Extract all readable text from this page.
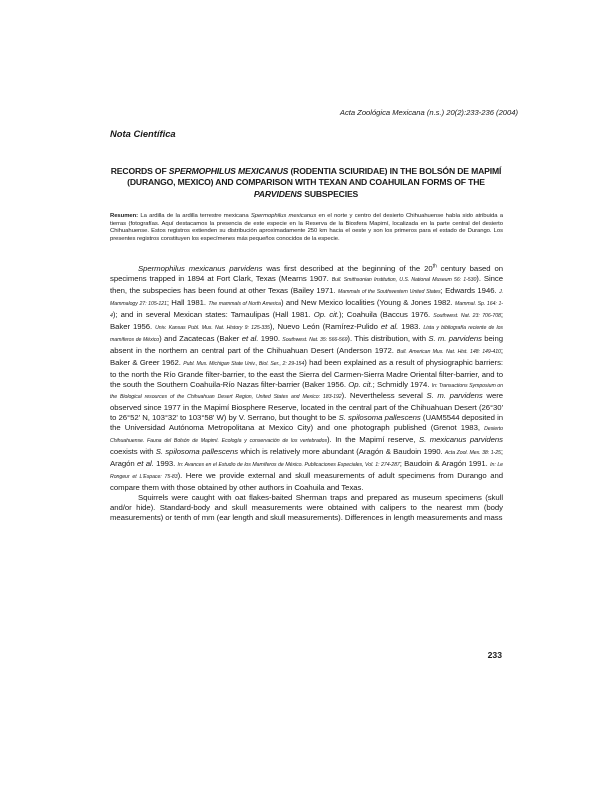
Acta Zoológica Mexicana (n.s.) 20(2):233-236 (2004)
Nota Científica
RECORDS OF SPERMOPHILUS MEXICANUS (RODENTIA SCIURIDAE) IN THE BOLSÓN DE MAPIMÍ (DURANGO, MEXICO) AND COMPARISON WITH TEXAN AND COAHUILAN FORMS OF THE PARVIDENS SUBSPECIES
Resumen: La ardilla de la ardilla terrestre mexicana Spermophilus mexicanus en el norte y centro del desierto Chihuahuense había sido atribuida a tierras (fotografías. Aquí destacamos la presencia de este especie en la Reserva de la Biosfera Mapimí, localizada en la parte central del desierto Chihuahuense. Estos registros extienden su distribución aproximadamente 250 km hacia el oeste y son los primeros para el estado de Durango. Los presentes registros constituyen los especímenes más pequeños conocidos de la especie.

Spermophilus mexicanus parvidens was first described at the beginning of the 20th century based on specimens trapped in 1894 at Fort Clark, Texas (Mearns 1907. Bull. Smithsonian Institution, U.S. National Museum 56: 1-530). Since then, the subspecies has been found at other Texas (Bailey 1971. Mammals of the Southwestern United States; Edwards 1946. J. Mammalogy 27: 105-121; Hall 1981. The mammals of North America) and New Mexico localities (Young & Jones 1982. Mammal. Sp. 164: 1-4); and in several Mexican states: Tamaulipas (Hall 1981. Op. cit.); Coahuila (Baccus 1976. Southwest. Nat. 23: 706-708; Baker 1956. Univ. Kansas Publ. Mus. Nat. History 9: 125-335), Nuevo León (Ramírez-Pulido et al. 1983. Lista y bibliografía reciente de los mamíferos de México) and Zacatecas (Baker et al. 1990. Southwest. Nat. 35: 566-569). This distribution, with S. m. parvidens being absent in the northern an central part of the Chihuahuan Desert (Anderson 1972. Bull. American Mus. Nat. Hist. 148: 149-410; Baker & Greer 1962. Publ. Mus. Michigan State Univ., Biol. Ser., 2: 29-154) had been explained as a result of physiographic barriers: to the north the Río Grande filter-barrier, to the east the Sierra del Carmen-Sierra Madre Oriental filter-barrier, and to the south the Southern Coahuila-Río Nazas filter-barrier (Baker 1956. Op. cit.; Schmidly 1974. In: Transactions Symposium on the Biological resources of the Chihuahuan Desert Region, United States and Mexico: 183-192). Nevertheless several S. m. parvidens were observed since 1977 in the Mapimí Biosphere Reserve, located in the central part of the Chihuahuan Desert (26°30' to 26°52' N, 103°32' to 103°58' W) by V. Serrano, but thought to be S. spilosoma pallescens (UAM5544 deposited in the Universidad Autónoma Metropolitana at Mexico City) and one photograph published (Grenot 1983, Desierto Chihuahuense. Fauna del Bolsón de Mapimí. Ecología y conservación de los vertebrados). In the Mapimí reserve, S. mexicanus parvidens coexists with S. spilosoma pallescens which is relatively more abundant (Aragón & Baudoin 1990. Acta Zool. Mex. 38: 1-25; Aragón et al. 1993. In: Avances en el Estudio de los Mamíferos de México. Publicaciones Especiales, Vol. 1: 274-287; Baudoin & Aragón 1991. In: Le Rongeur et L'Espace: 75-83). Here we provide external and skull measurements of adult specimens from Durango and compare them with those obtained by other authors in Coahuila and Texas.

Squirrels were caught with oat flakes-baited Sherman traps and prepared as museum specimens (skull and/or hide). Standard-body and skull measurements were obtained with calipers to the nearest mm (body measurements) or tenth of mm (ear length and skull measurements). Differences in length measurements and mass

233
